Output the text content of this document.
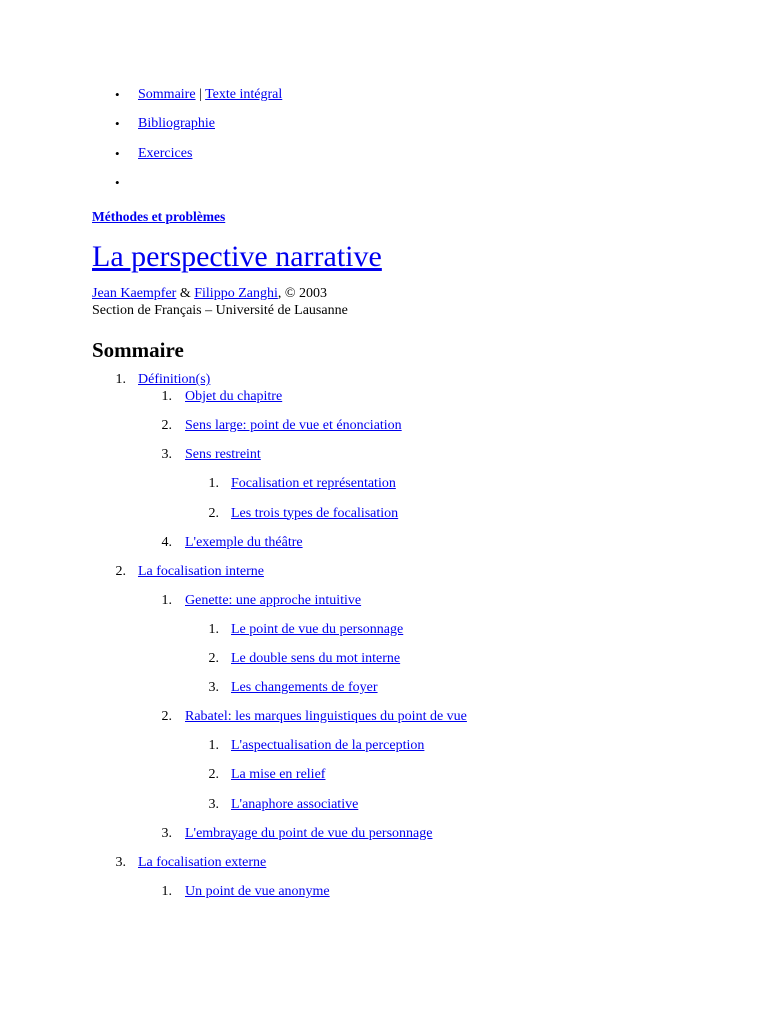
• Sommaire | Texte intégral
• Bibliographie
• Exercices
•
Méthodes et problèmes
La perspective narrative
Jean Kaempfer & Filippo Zanghi, © 2003
Section de Français – Université de Lausanne
Sommaire
1. Définition(s)
1. Objet du chapitre
2. Sens large: point de vue et énonciation
3. Sens restreint
1. Focalisation et représentation
2. Les trois types de focalisation
4. L'exemple du théâtre
2. La focalisation interne
1. Genette: une approche intuitive
1. Le point de vue du personnage
2. Le double sens du mot interne
3. Les changements de foyer
2. Rabatel: les marques linguistiques du point de vue
1. L'aspectualisation de la perception
2. La mise en relief
3. L'anaphore associative
3. L'embrayage du point de vue du personnage
3. La focalisation externe
1. Un point de vue anonyme
